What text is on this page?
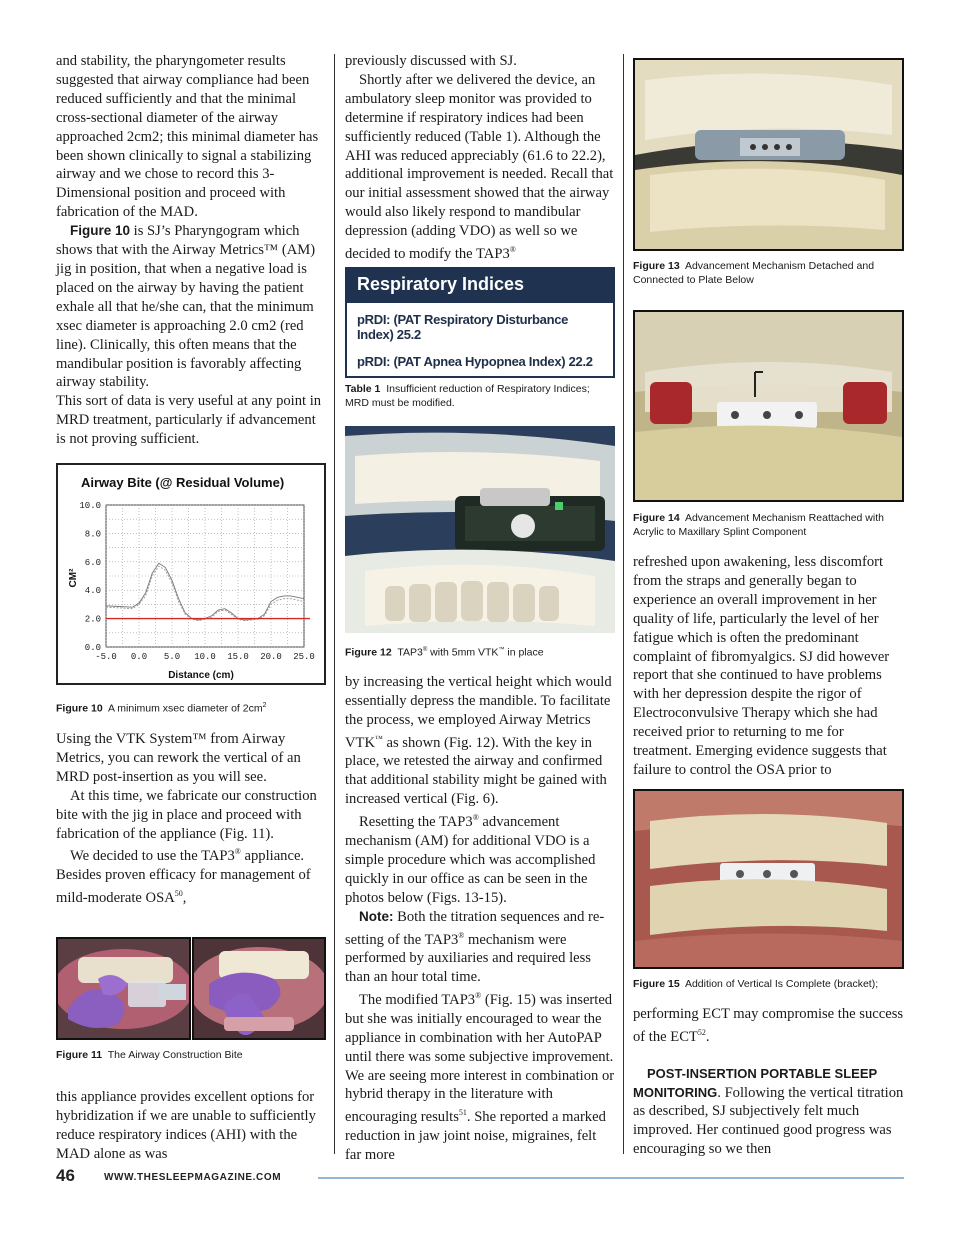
and stability, the pharyngometer results suggested that airway compliance had been reduced sufficiently and that the minimal cross-sectional diameter of the airway approached 2cm2; this minimal diameter has been shown clinically to signal a stabilizing airway and we chose to record this 3-Dimensional position and proceed with fabrication of the MAD.

Figure 10 is SJ’s Pharyngogram which shows that with the Airway Metrics™ (AM) jig in position, that when a negative load is placed on the airway by having the patient exhale all that he/she can, that the minimum xsec diameter is approaching 2.0 cm2 (red line). Clinically, this often means that the mandibular position is favorably affecting airway stability.

This sort of data is very useful at any point in MRD treatment, particularly if advancement is not proving sufficient.

Airway Bite (@ Residual Volume)
CM²
Distance (cm)
-5.0 0.0 5.0 10.0 15.0 20.0 25.0
0.0
2.0
4.0
6.0
8.0
10.0
Figure 10 A minimum xsec diameter of $2cm^2$

Using the VTK System™ from Airway Metrics, you can rework the vertical of an MRD post-insertion as you will see.

At this time, we fabricate our construction bite with the jig in place and proceed with fabrication of the appliance (Fig. 11).

We decided to use the TAP3® appliance. Besides proven efficacy for management of mild-moderate OSA$^{50}$,

Figure 11 The Airway Construction Bite

this appliance provides excellent options for hybridization if we are unable to sufficiently reduce respiratory indices (AHI) with the MAD alone as was

previously discussed with SJ.

Shortly after we delivered the device, an ambulatory sleep monitor was provided to determine if respiratory indices had been sufficiently reduced (Table 1). Although the AHI was reduced appreciably (61.6 to 22.2), additional improvement is needed. Recall that our initial assessment showed that the airway would also likely respond to mandibular depression (adding VDO) as well so we decided to modify the TAP3®

Respiratory Indices
pRDI: (PAT Respiratory Disturbance Index) 25.2
pRDI: (PAT Apnea Hypopnea Index) 22.2
Table 1 Insufficient reduction of Respiratory Indices; MRD must be modified.
Figure 12 TAP3® with 5mm VTK™ in place

by increasing the vertical height which would essentially depress the mandible. To facilitate the process, we employed Airway Metrics VTK™ as shown (Fig. 12). With the key in place, we retested the airway and confirmed that additional stability might be gained with increased vertical (Fig. 6).

Resetting the TAP3® advancement mechanism (AM) for additional VDO is a simple procedure which was accomplished quickly in our office as can be seen in the photos below (Figs. 13-15).

Note: Both the titration sequences and re-setting of the TAP3® mechanism were performed by auxiliaries and required less than an hour total time.

The modified TAP3® (Fig. 15) was inserted but she was initially encouraged to wear the appliance in combination with her AutoPAP until there was some subjective improvement. We are seeing more interest in combination or hybrid therapy in the literature with encouraging results$^{51}$. She reported a marked reduction in jaw joint noise, migraines, felt far more

Figure 13 Advancement Mechanism Detached and Connected to Plate Below
Figure 14 Advancement Mechanism Reattached with Acrylic to Maxillary Splint Component

refreshed upon awakening, less discomfort from the straps and generally began to experience an overall improvement in her quality of life, particularly the level of her fatigue which is often the predominant complaint of fibromyalgics. SJ did however report that she continued to have problems with her depression despite the rigor of Electroconvulsive Therapy which she had received prior to returning to me for treatment. Emerging evidence suggests that failure to control the OSA prior to

Figure 15 Addition of Vertical Is Complete (bracket);

performing ECT may compromise the success of the ECT$^{52}$.

POST-INSERTION PORTABLE SLEEP MONITORING. Following the vertical titration as described, SJ subjectively felt much improved. Her continued good progress was encouraging so we then

46	WWW.THESLEEPMAGAZINE.COM
